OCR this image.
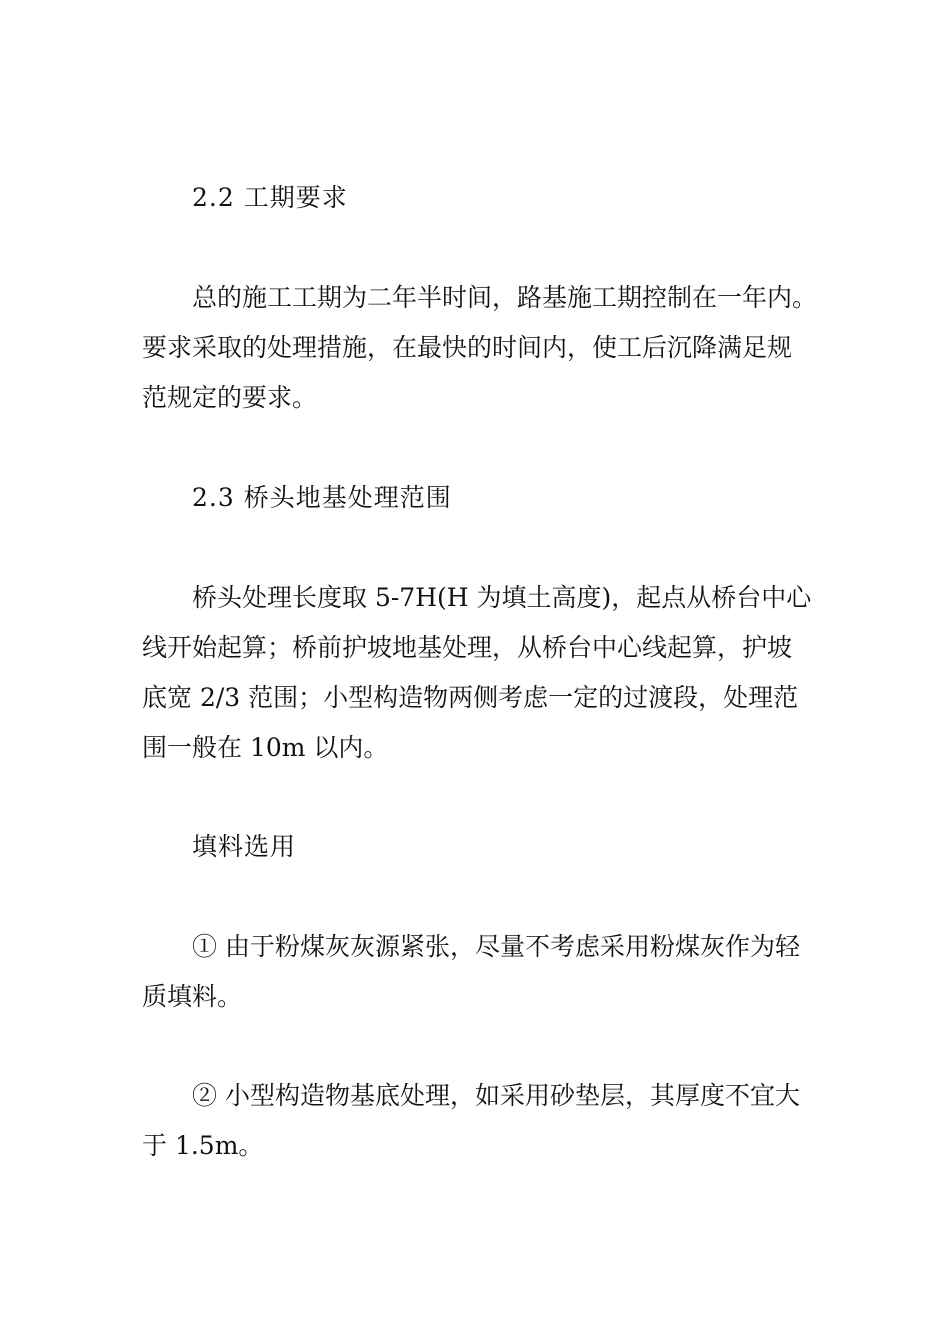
2.2 工期要求
总的施工工期为二年半时间，路基施工期控制在一年内。
要求采取的处理措施，在最快的时间内，使工后沉降满足规
范规定的要求。
2.3 桥头地基处理范围
桥头处理长度取 5-7H(H 为填土高度)，起点从桥台中心
线开始起算；桥前护坡地基处理，从桥台中心线起算，护坡
底宽 2/3 范围；小型构造物两侧考虑一定的过渡段，处理范
围一般在 10m 以内。
填料选用
① 由于粉煤灰灰源紧张，尽量不考虑采用粉煤灰作为轻
质填料。
② 小型构造物基底处理，如采用砂垫层，其厚度不宜大
于 1.5m。
